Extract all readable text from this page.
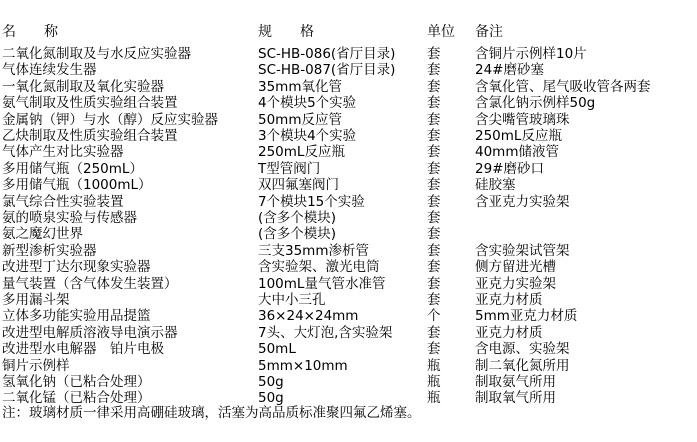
名　　称	规　　格	单位 备注
二氧化氮制取及与水反应实验器	SC-HB-086(省厅目录) 套	含铜片示例样10片
气体连续发生器	SC-HB-087(省厅目录) 套	24#磨砂塞
一氧化氮制取及氧化实验器	35mm氧化管	套	含氧化管、尾气吸收管各两套
氨气制取及性质实验组合装置	4个模块5个实验	套	含氯化钠示例样50g
金属钠（钾）与水（醇）反应实验器	50mm反应管	套	含尖嘴管玻璃珠
乙炔制取及性质实验组合装置	3个模块4个实验	套	250mL反应瓶
气体产生对比实验器	250mL反应瓶	套	40mm储液管
多用储气瓶（250mL）	T型管阀门	套	29#磨砂口
多用储气瓶（1000mL）	双四氟塞阀门	套	硅胶塞
氯气综合性实验装置	7个模块15个实验	套	含亚克力实验架
氨的喷泉实验与传感器	(含多个模块)	套
氨之魔幻世界	(含多个模块)	套
新型渗析实验器	三支35mm渗析管	套	含实验架试管架
改进型丁达尔现象实验器	含实验架、激光电筒	套	侧方留进光槽
量气装置（含气体发生装置）	100mL量气管水准管	套	亚克力实验架
多用漏斗架	大中小三孔	套	亚克力材质
立体多功能实验用品提篮	36×24×24mm	个	5mm亚克力材质
改进型电解质溶液导电演示器	7头、大灯泡,含实验架	套	亚克力材质
改进型水电解器　铂片电极	50mL	套	含电源、实验架
铜片示例样	5mm×10mm	瓶	制二氧化氮所用
氢氧化钠（已粘合处理）	50g	瓶	制取氨气所用
二氧化锰（已粘合处理）	50g	瓶	制取氧气所用
注：玻璃材质一律采用高硼硅玻璃，活塞为高品质标准聚四氟乙烯塞。
